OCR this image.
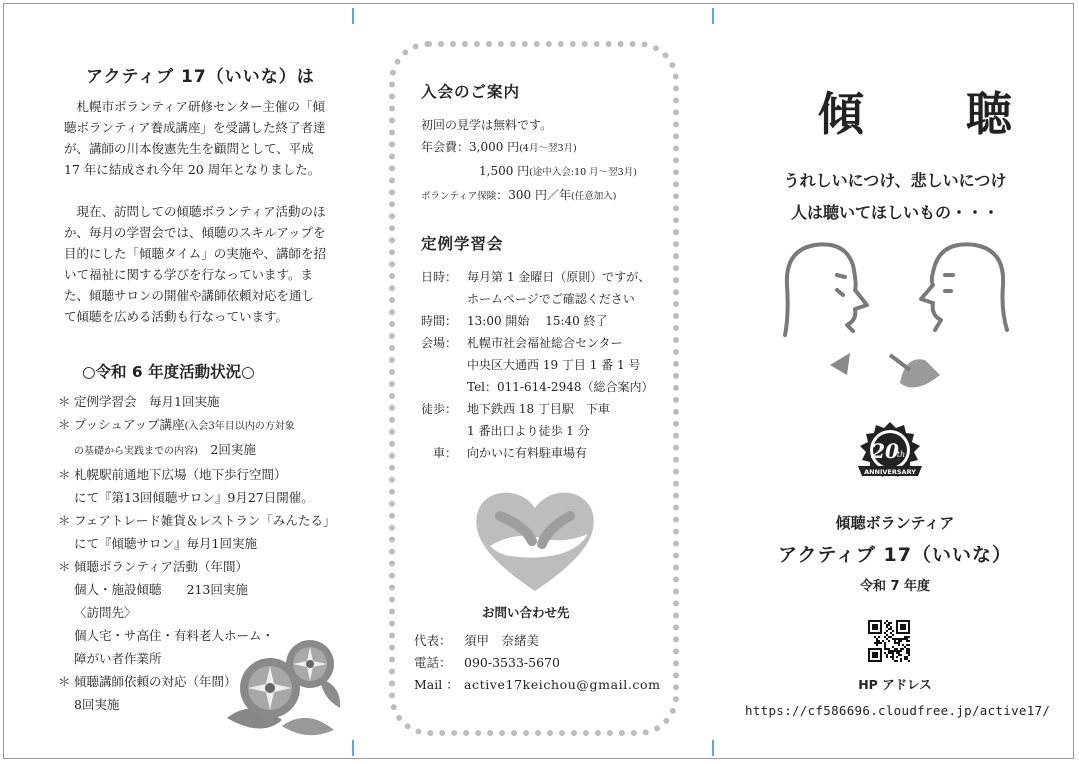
アクティブ 17（いいな）は
札幌市ボランティア研修センター主催の「傾聴ボランティア養成講座」を受講した終了者達が、講師の川本俊憲先生を顧問として、平成 17 年に結成され今年 20 周年となりました。
現在、訪問しての傾聴ボランティア活動のほか、毎月の学習会では、傾聴のスキルアップを目的にした「傾聴タイム」の実施や、講師を招いて福祉に関する学びを行なっています。また、傾聴サロンの開催や講師依頼対応を通して傾聴を広める活動も行なっています。
○令和 6 年度活動状況○
＊ 定例学習会　毎月1回実施
＊ プッシュアップ講座(入会3年目以内の方対象
の基礎から実践までの内容)　2回実施
＊ 札幌駅前通地下広場（地下歩行空間）
にて『第13回傾聴サロン』9月27日開催。
＊ フェアトレード雑貨＆レストラン「みんたる」
にて『傾聴サロン』毎月1回実施
＊ 傾聴ボランティア活動（年間）
個人・施設傾聴　　213回実施
〈訪問先〉
個人宅・サ高住・有料老人ホーム・
障がい者作業所
＊ 傾聴講師依頼の対応（年間）
8回実施
入会のご案内
初回の見学は無料です。
年会費：3,000 円(4月～翌3月)
1,500 円(途中入会:10 月～翌3月)
ボランティア保険：300 円／年(任意加入)
定例学習会
日時： 毎月第 1 金曜日（原則）ですが、
ホームページでご確認ください
時間： 13:00 開始　 15:40 終了
会場： 札幌市社会福祉総合センター
中央区大通西 19 丁目 1 番 1 号
Tel：011-614-2948（総合案内）
徒歩： 地下鉄西 18 丁目駅　下車
1 番出口より徒歩 1 分
　車： 向かいに有料駐車場有
お問い合わせ先
代表： 須甲　奈緒美
電話： 090-3533-5670
Mail ： active17keichou@gmail.com
傾　聴
うれしいにつけ、悲しいにつけ
人は聴いてほしいもの・・・
20
th
ANNIVERSARY
傾聴ボランティア
アクティブ 17（いいな）
令和 7 年度
HP アドレス
https://cf586696.cloudfree.jp/active17/
